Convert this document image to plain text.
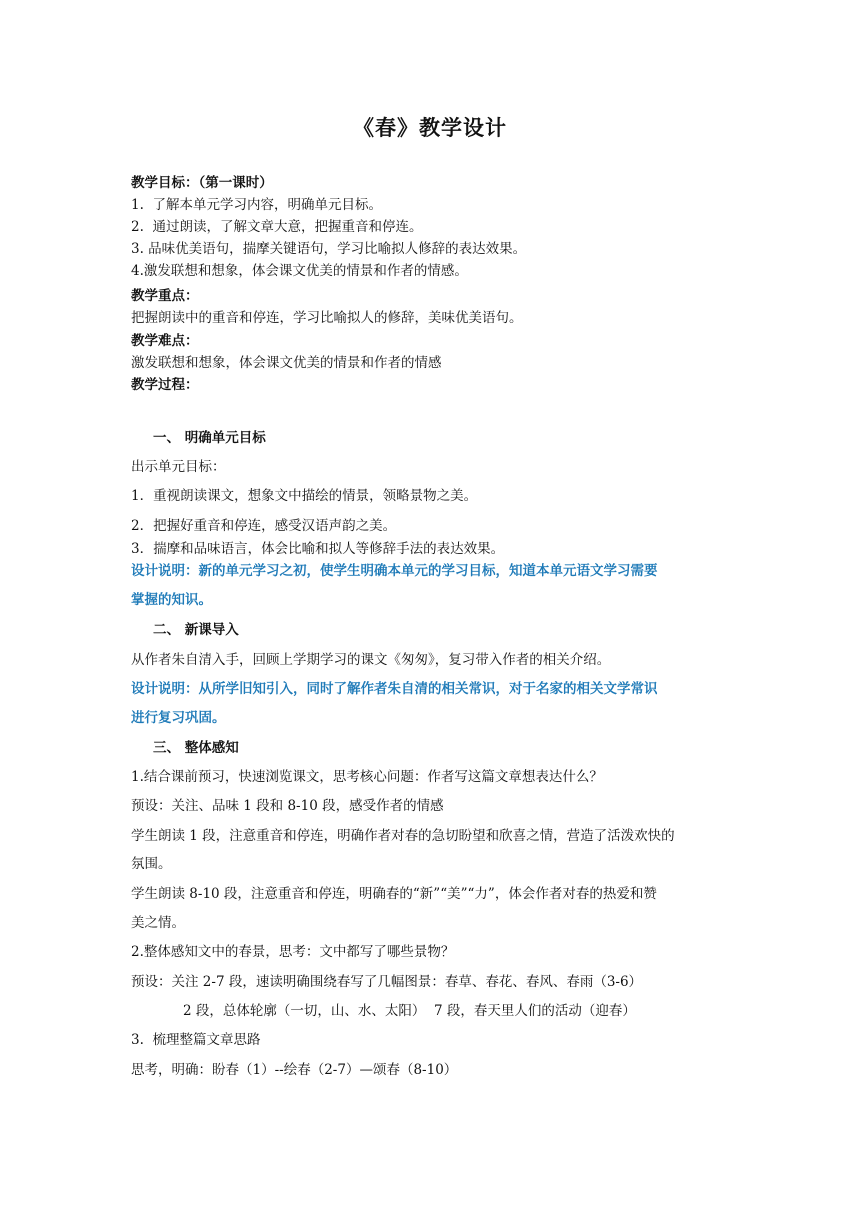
《春》教学设计
教学目标：（第一课时）
1.  了解本单元学习内容，明确单元目标。
2.  通过朗读，了解文章大意，把握重音和停连。
3. 品味优美语句，揣摩关键语句，学习比喻拟人修辞的表达效果。
4.激发联想和想象，体会课文优美的情景和作者的情感。
教学重点：
把握朗读中的重音和停连，学习比喻拟人的修辞，美味优美语句。
教学难点：
激发联想和想象，体会课文优美的情景和作者的情感
教学过程：
一、 明确单元目标
出示单元目标：
1．重视朗读课文，想象文中描绘的情景，领略景物之美。
2．把握好重音和停连，感受汉语声韵之美。
3．揣摩和品味语言，体会比喻和拟人等修辞手法的表达效果。
设计说明：新的单元学习之初，使学生明确本单元的学习目标，知道本单元语文学习需要
掌握的知识。
二、 新课导入
从作者朱自清入手，回顾上学期学习的课文《匆匆》，复习带入作者的相关介绍。
设计说明：从所学旧知引入，同时了解作者朱自清的相关常识，对于名家的相关文学常识
进行复习巩固。
三、 整体感知
1.结合课前预习，快速浏览课文，思考核心问题：作者写这篇文章想表达什么？
预设：关注、品味 1 段和 8-10 段，感受作者的情感
学生朗读 1 段，注意重音和停连，明确作者对春的急切盼望和欣喜之情，营造了活泼欢快的
氛围。
学生朗读 8-10 段，注意重音和停连，明确春的“新”“美”“力”，体会作者对春的热爱和赞
美之情。
2.整体感知文中的春景，思考：文中都写了哪些景物？
预设：关注 2-7 段，速读明确围绕春写了几幅图景：春草、春花、春风、春雨（3-6）
2 段，总体轮廓（一切，山、水、太阳）  7 段，春天里人们的活动（迎春）
3.  梳理整篇文章思路
思考，明确：盼春（1）--绘春（2-7）—颂春（8-10）
